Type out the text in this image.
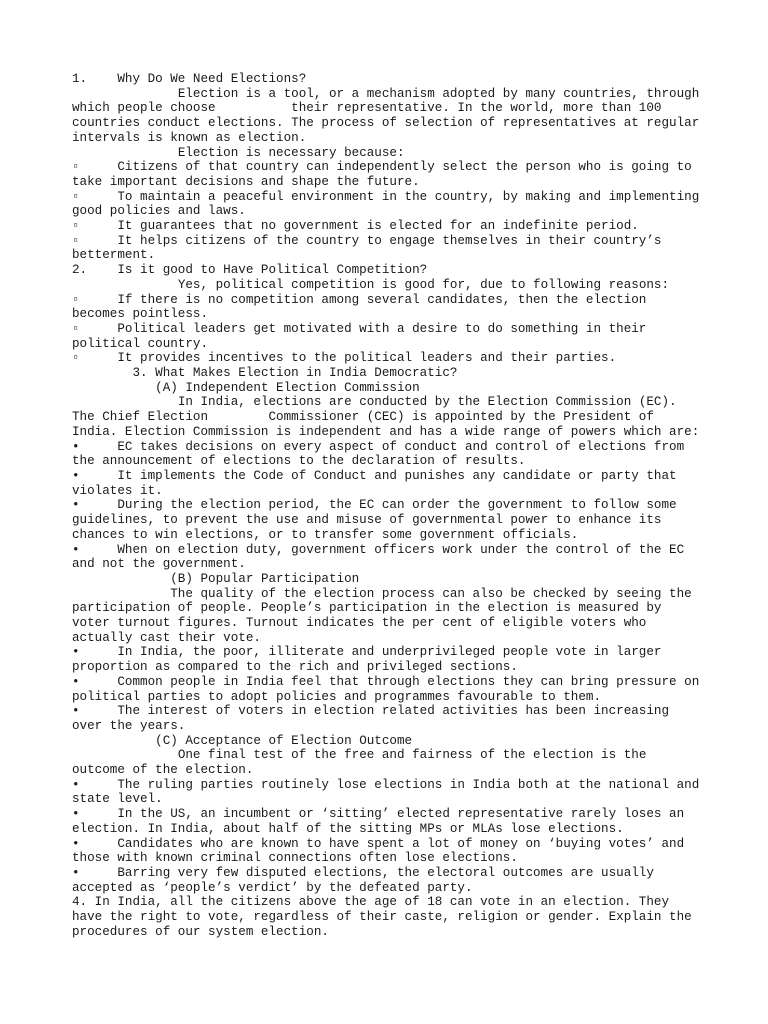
1.    Why Do We Need Elections?

Election is a tool, or a mechanism adopted by many countries, through which people choose          their representative. In the world, more than 100 countries conduct elections. The process of selection of representatives at regular intervals is known as election.

Election is necessary because:

▫     Citizens of that country can independently select the person who is going to take important decisions and shape the future.

▫     To maintain a peaceful environment in the country, by making and implementing good policies and laws.

▫     It guarantees that no government is elected for an indefinite period.

▫     It helps citizens of the country to engage themselves in their country’s betterment.

2.    Is it good to Have Political Competition?

Yes, political competition is good for, due to following reasons:

▫     If there is no competition among several candidates, then the election becomes pointless.

▫     Political leaders get motivated with a desire to do something in their political country.

▫     It provides incentives to the political leaders and their parties.

3. What Makes Election in India Democratic?

(A) Independent Election Commission

In India, elections are conducted by the Election Commission (EC). The Chief Election        Commissioner (CEC) is appointed by the President of India. Election Commission is independent and has a wide range of powers which are:

•     EC takes decisions on every aspect of conduct and control of elections from the announcement of elections to the declaration of results.

•     It implements the Code of Conduct and punishes any candidate or party that violates it.

•     During the election period, the EC can order the government to follow some guidelines, to prevent the use and misuse of governmental power to enhance its chances to win elections, or to transfer some government officials.

•     When on election duty, government officers work under the control of the EC and not the government.

(B) Popular Participation

The quality of the election process can also be checked by seeing the participation of people. People’s participation in the election is measured by voter turnout figures. Turnout indicates the per cent of eligible voters who actually cast their vote.

•     In India, the poor, illiterate and underprivileged people vote in larger proportion as compared to the rich and privileged sections.

•     Common people in India feel that through elections they can bring pressure on political parties to adopt policies and programmes favourable to them.

•     The interest of voters in election related activities has been increasing over the years.

(C) Acceptance of Election Outcome

One final test of the free and fairness of the election is the outcome of the election.

•     The ruling parties routinely lose elections in India both at the national and state level.

•     In the US, an incumbent or ‘sitting’ elected representative rarely loses an election. In India, about half of the sitting MPs or MLAs lose elections.

•     Candidates who are known to have spent a lot of money on ‘buying votes’ and those with known criminal connections often lose elections.

•     Barring very few disputed elections, the electoral outcomes are usually accepted as ‘people’s verdict’ by the defeated party.

4. In India, all the citizens above the age of 18 can vote in an election. They have the right to vote, regardless of their caste, religion or gender. Explain the procedures of our system election.
